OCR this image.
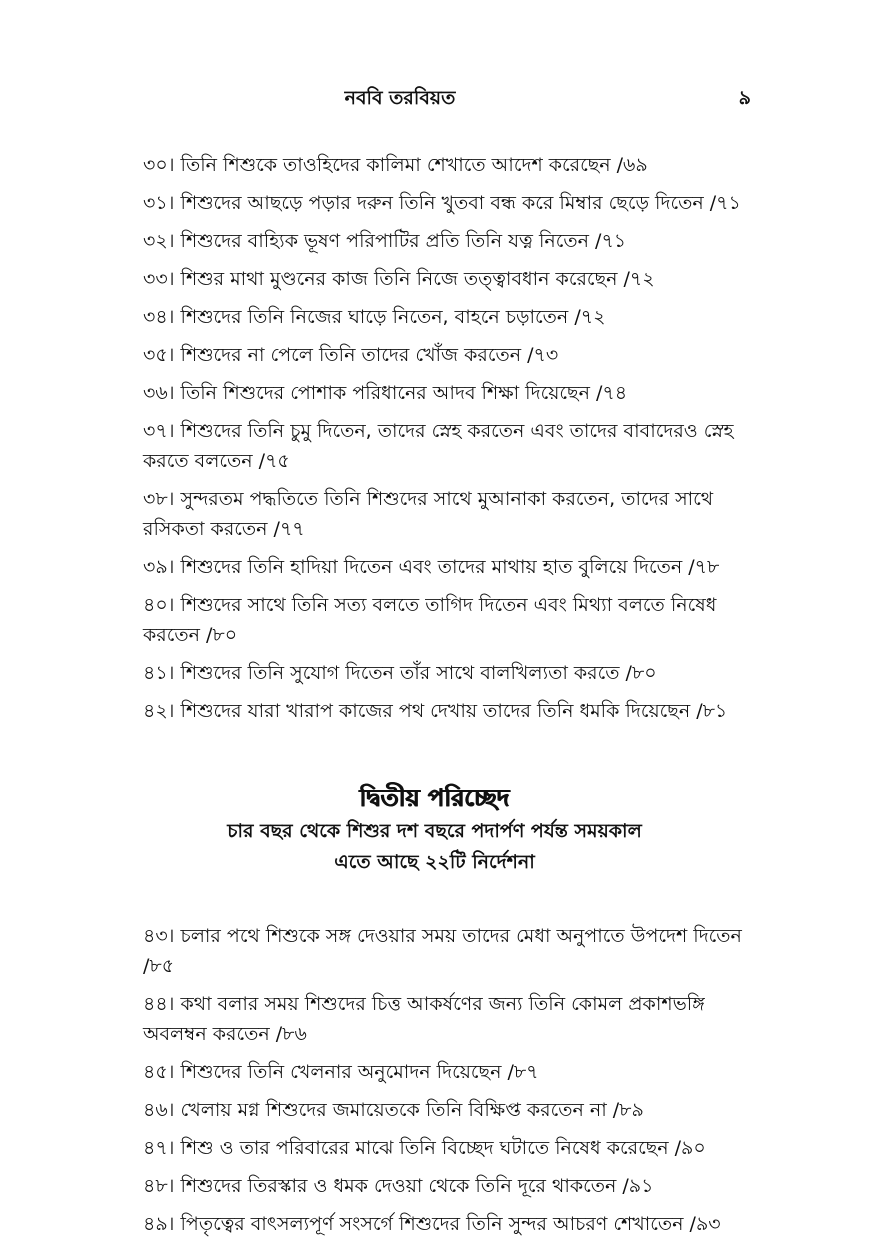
নববি তরবিয়ত	৯
৩০। তিনি শিশুকে তাওহিদের কালিমা শেখাতে আদেশ করেছেন /৬৯
৩১। শিশুদের আছড়ে পড়ার দরুন তিনি খুতবা বন্ধ করে মিম্বার ছেড়ে দিতেন /৭১
৩২। শিশুদের বাহ্যিক ভূষণ পরিপাটির প্রতি তিনি যত্ন নিতেন /৭১
৩৩। শিশুর মাথা মুণ্ডনের কাজ তিনি নিজে তত্ত্বাবধান করেছেন /৭২
৩৪। শিশুদের তিনি নিজের ঘাড়ে নিতেন, বাহনে চড়াতেন /৭২
৩৫। শিশুদের না পেলে তিনি তাদের খোঁজ করতেন /৭৩
৩৬। তিনি শিশুদের পোশাক পরিধানের আদব শিক্ষা দিয়েছেন /৭৪
৩৭। শিশুদের তিনি চুমু দিতেন, তাদের স্নেহ করতেন এবং তাদের বাবাদেরও স্নেহ করতে বলতেন /৭৫
৩৮। সুন্দরতম পদ্ধতিতে তিনি শিশুদের সাথে মুআনাকা করতেন, তাদের সাথে রসিকতা করতেন /৭৭
৩৯। শিশুদের তিনি হাদিয়া দিতেন এবং তাদের মাথায় হাত বুলিয়ে দিতেন /৭৮
৪০। শিশুদের সাথে তিনি সত্য বলতে তাগিদ দিতেন এবং মিথ্যা বলতে নিষেধ করতেন /৮০
৪১। শিশুদের তিনি সুযোগ দিতেন তাঁর সাথে বালখিল্যতা করতে /৮০
৪২। শিশুদের যারা খারাপ কাজের পথ দেখায় তাদের তিনি ধমকি দিয়েছেন /৮১
দ্বিতীয় পরিচ্ছেদ
চার বছর থেকে শিশুর দশ বছরে পদার্পণ পর্যন্ত সময়কাল
এতে আছে ২২টি নির্দেশনা
৪৩। চলার পথে শিশুকে সঙ্গ দেওয়ার সময় তাদের মেধা অনুপাতে উপদেশ দিতেন /৮৫
৪৪। কথা বলার সময় শিশুদের চিত্ত আকর্ষণের জন্য তিনি কোমল প্রকাশভঙ্গি অবলম্বন করতেন /৮৬
৪৫। শিশুদের তিনি খেলনার অনুমোদন দিয়েছেন /৮৭
৪৬। খেলায় মগ্ন শিশুদের জমায়েতকে তিনি বিক্ষিপ্ত করতেন না /৮৯
৪৭। শিশু ও তার পরিবারের মাঝে তিনি বিচ্ছেদ ঘটাতে নিষেধ করেছেন /৯০
৪৮। শিশুদের তিরস্কার ও ধমক দেওয়া থেকে তিনি দূরে থাকতেন /৯১
৪৯। পিতৃত্বের বাৎসল্যপূর্ণ সংসর্গে শিশুদের তিনি সুন্দর আচরণ শেখাতেন /৯৩
